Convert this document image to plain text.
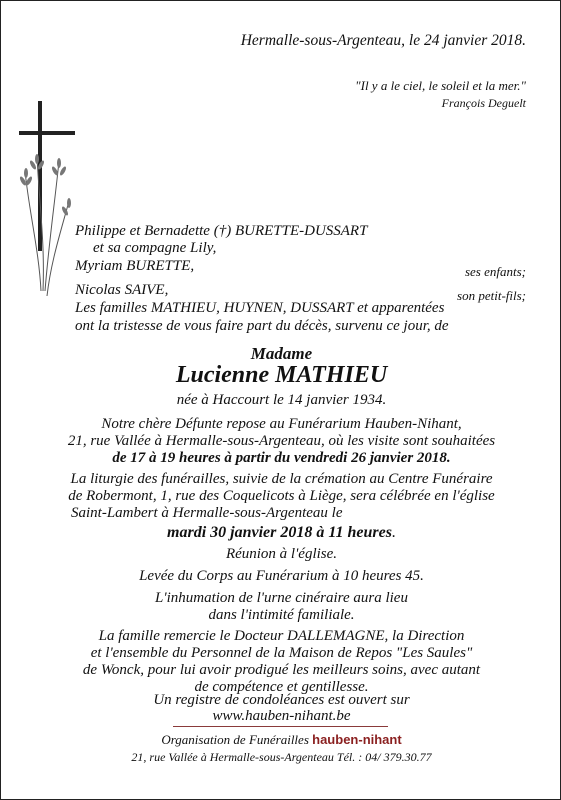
Hermalle-sous-Argenteau, le 24 janvier 2018.
"Il y a le ciel, le soleil et la mer."
François Deguelt
Philippe et Bernadette (†) BURETTE-DUSSART
et sa compagne Lily,
Myriam BURETTE,	ses enfants;
Nicolas SAIVE,	son petit-fils;
Les familles MATHIEU, HUYNEN, DUSSART et apparentées
ont la tristesse de vous faire part du décès, survenu ce jour, de
Madame
Lucienne MATHIEU
née à Haccourt le 14 janvier 1934.
Notre chère Défunte repose au Funérarium Hauben-Nihant,
21, rue Vallée à Hermalle-sous-Argenteau, où les visite sont souhaitées
de 17 à 19 heures à partir du vendredi 26 janvier 2018.
La liturgie des funérailles, suivie de la crémation au Centre Funéraire
de Robermont, 1, rue des Coquelicots à Liège, sera célébrée en l'église
Saint-Lambert à Hermalle-sous-Argenteau le
mardi 30 janvier 2018 à 11 heures.
Réunion à l'église.
Levée du Corps au Funérarium à 10 heures 45.
L'inhumation de l'urne cinéraire aura lieu
dans l'intimité familiale.
La famille remercie le Docteur DALLEMAGNE, la Direction
et l'ensemble du Personnel de la Maison de Repos "Les Saules"
de Wonck, pour lui avoir prodigué les meilleurs soins, avec autant
de compétence et gentillesse.
Un registre de condoléances est ouvert sur
www.hauben-nihant.be
Organisation de Funérailles hauben-nihant
21, rue Vallée à Hermalle-sous-Argenteau Tél. : 04/ 379.30.77
